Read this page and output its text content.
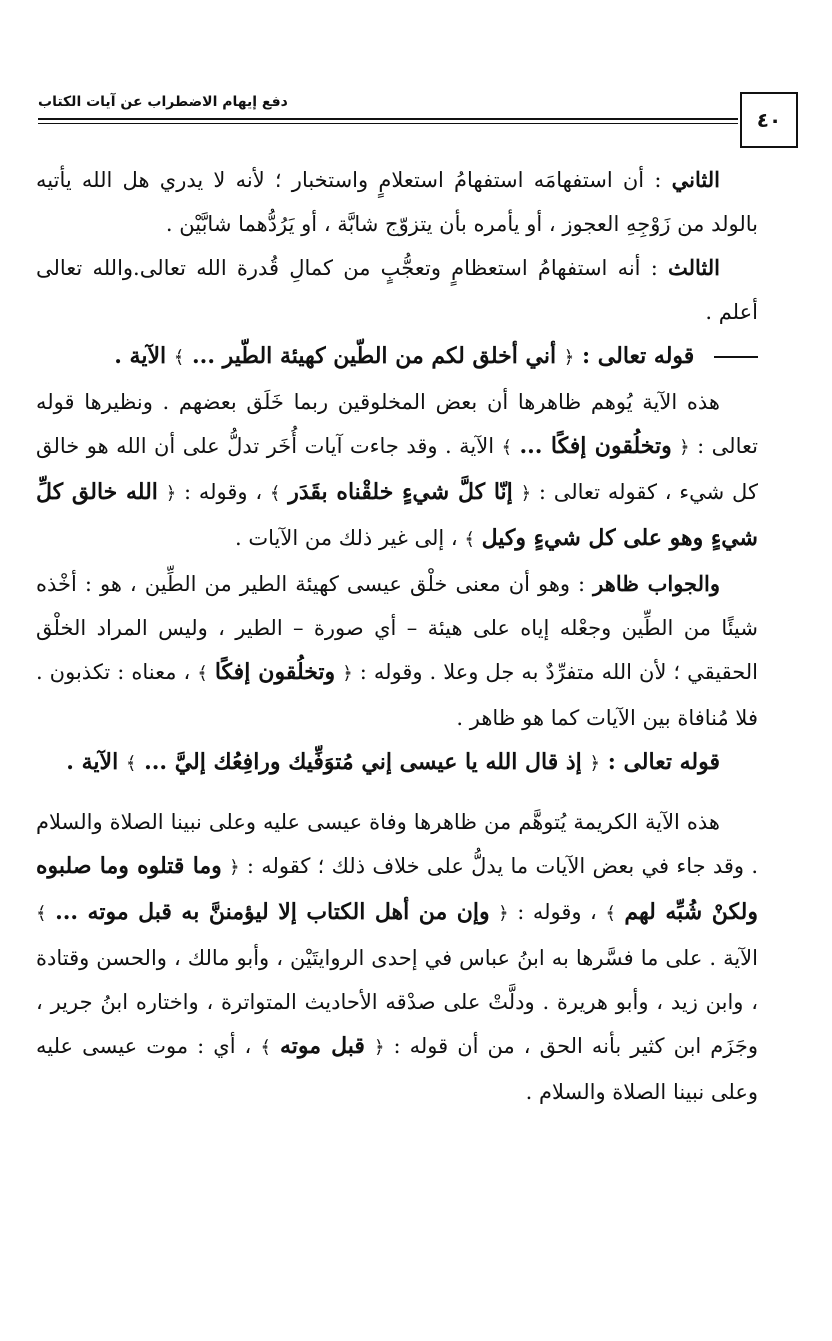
٤٠
دفع إيهام الاضطراب عن آيات الكتاب

الثاني : أن استفهامَه استفهامُ استعلامٍ واستخبار ؛ لأنه لا يدري هل الله يأتيه بالولد من زَوْجِهِ العجوز ، أو يأمره بأن يتزوّج شابَّة ، أو يَرُدُّهما شابَّيْن .

الثالث : أنه استفهامُ استعظامٍ وتعجُّبٍ من كمالِ قُدرة الله تعالى.والله تعالى أعلم .

قوله تعالى : ﴿ أني أخلق لكم من الطّين كهيئة الطّير ... ﴾ الآية .

هذه الآية يُوهم ظاهرها أن بعض المخلوقين ربما خَلَق بعضهم . ونظيرها قوله تعالى : ﴿ وتخلُقون إفكًا ... ﴾ الآية . وقد جاءت آيات أُخَر تدلُّ على أن الله هو خالق كل شيء ، كقوله تعالى : ﴿ إنّا كلَّ شيءٍ خلقْناه بقَدَر ﴾ ، وقوله : ﴿ الله خالق كلِّ شيءٍ وهو على كل شيءٍ وكيل ﴾ ، إلى غير ذلك من الآيات .

والجواب ظاهر : وهو أن معنى خلْق عيسى كهيئة الطير من الطِّين ، هو : أخْذه شيئًا من الطِّين وجعْله إياه على هيئة – أي صورة – الطير ، وليس المراد الخلْق الحقيقي ؛ لأن الله متفرِّدٌ به جل وعلا . وقوله : ﴿ وتخلُقون إفكًا ﴾ ، معناه : تكذبون . فلا مُنافاة بين الآيات كما هو ظاهر .

قوله تعالى : ﴿ إذ قال الله يا عيسى إني مُتوَفِّيك ورافِعُك إليَّ ... ﴾ الآية .

هذه الآية الكريمة يُتوهَّم من ظاهرها وفاة عيسى عليه وعلى نبينا الصلاة والسلام . وقد جاء في بعض الآيات ما يدلُّ على خلاف ذلك ؛ كقوله : ﴿ وما قتلوه وما صلبوه ولكنْ شُبِّه لهم ﴾ ، وقوله : ﴿ وإن من أهل الكتاب إلا ليؤمننَّ به قبل موته ... ﴾ الآية . على ما فسَّرها به ابنُ عباس في إحدى الروايتَيْن ، وأبو مالك ، والحسن وقتادة ، وابن زيد ، وأبو هريرة . ودلَّتْ على صدْقه الأحاديث المتواترة ، واختاره ابنُ جرير ، وجَزَم ابن كثير بأنه الحق ، من أن قوله : ﴿ قبل موته ﴾ ، أي : موت عيسى عليه وعلى نبينا الصلاة والسلام .
